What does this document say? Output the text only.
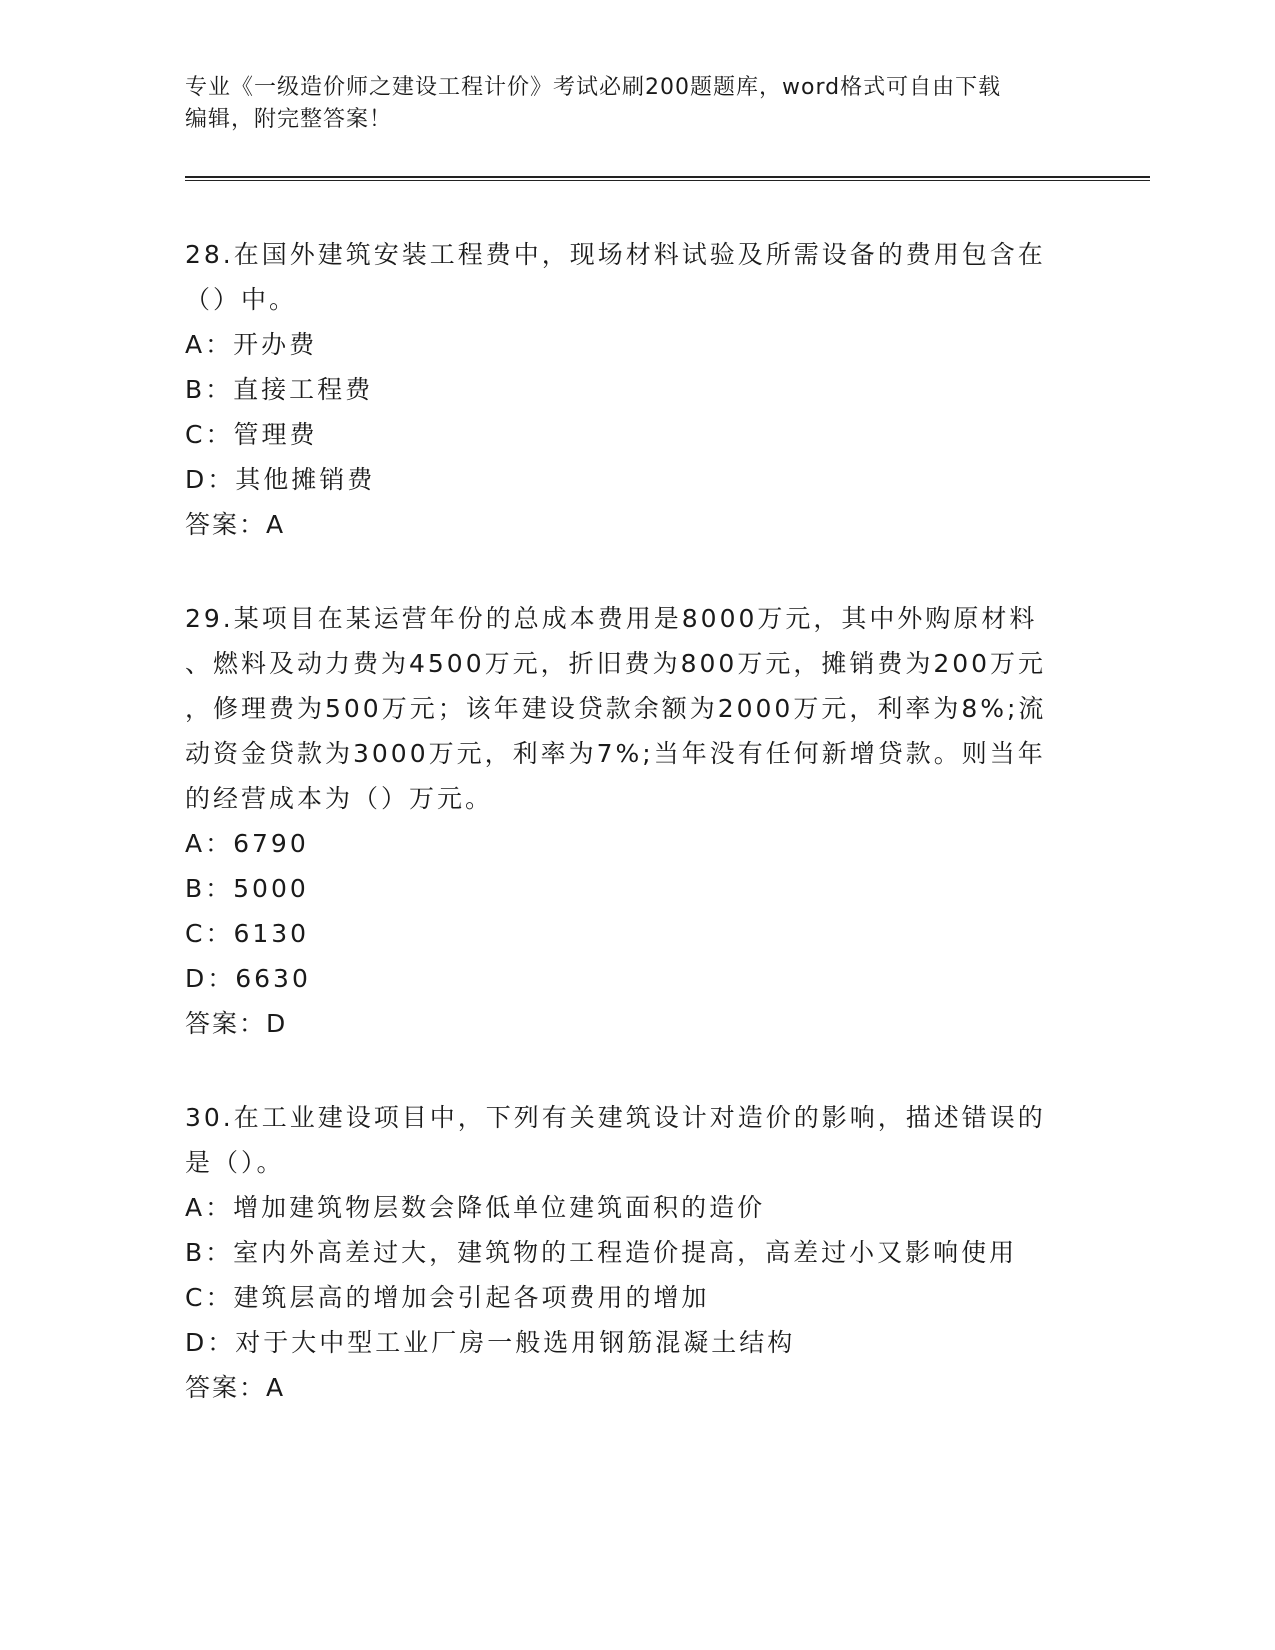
专业《一级造价师之建设工程计价》考试必刷200题题库，word格式可自由下载
编辑，附完整答案！

28.在国外建筑安装工程费中，现场材料试验及所需设备的费用包含在

（）中。

A：开办费

B：直接工程费

C：管理费

D：其他摊销费

答案：A

29.某项目在某运营年份的总成本费用是8000万元，其中外购原材料

、燃料及动力费为4500万元，折旧费为800万元，摊销费为200万元

，修理费为500万元；该年建设贷款余额为2000万元，利率为8%;流

动资金贷款为3000万元，利率为7%;当年没有任何新增贷款。则当年

的经营成本为（）万元。

A：6790

B：5000

C：6130

D：6630

答案：D

30.在工业建设项目中，下列有关建筑设计对造价的影响，描述错误的

是（）。

A：增加建筑物层数会降低单位建筑面积的造价

B：室内外高差过大，建筑物的工程造价提高，高差过小又影响使用

C：建筑层高的增加会引起各项费用的增加

D：对于大中型工业厂房一般选用钢筋混凝土结构

答案：A
